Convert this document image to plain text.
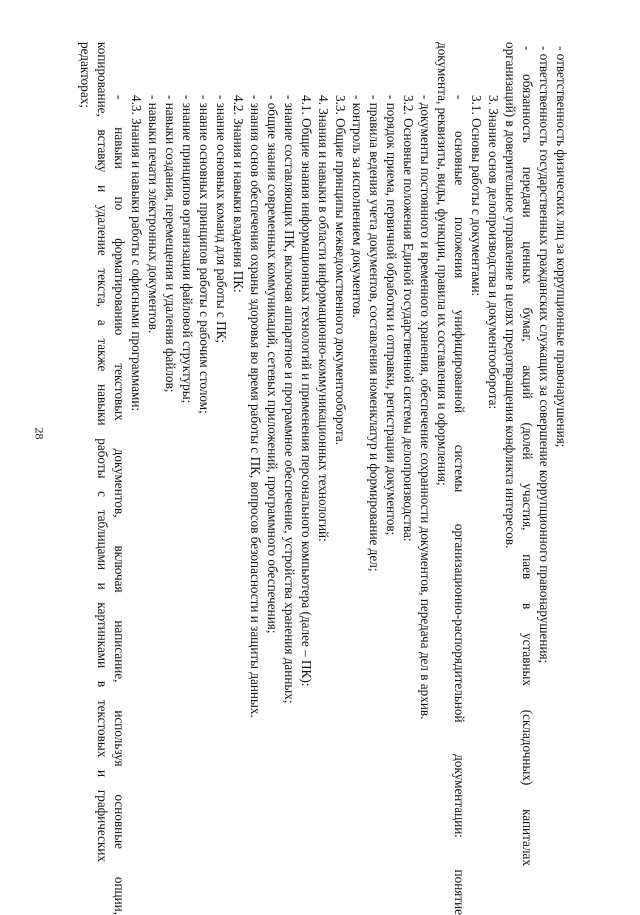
28	- ответственность физических лиц за коррупционные правонарушения;
- ответственность государственных гражданских служащих за совершение коррупционного правонарушения;
- обязанность передачи ценных бумаг, акций (долей участия, паев в уставных (складочных) капиталах
организаций) в доверительное управление в целях предотвращения конфликта интересов.
3. Знание основ делопроизводства и документооборота:
3.1. Основы работы с документами:
- основные положения унифицированной системы организационно-распорядительной документации: понятие
документа, реквизиты, виды, функции, правила их составления и оформления;
- документы постоянного и временного хранения, обеспечение сохранности документов, передача дел в архив.
3.2. Основные положения Единой государственной системы делопроизводства:
- порядок приема, первичной обработки и отправки, регистрации документов;
- правила ведения учета документов, составления номенклатур и формирование дел;
- контроль за исполнением документов.
3.3. Общие принципы межведомственного документооборота.
4. Знания и навыки в области информационно-коммуникационных технологий:
4.1. Общие знания информационных технологий и применения персонального компьютера (далее – ПК):
- знание составляющих ПК, включая аппаратное и программное обеспечение, устройства хранения данных;
- общие знания современных коммуникаций, сетевых приложений, программного обеспечения;
- знания основ обеспечения охраны здоровья во время работы с ПК, вопросов безопасности и защиты данных.
4.2. Знания и навыки владения ПК:
- знание основных команд для работы с ПК;
- знание основных принципов работы с рабочим столом;
- знание принципов организации файловой структуры;
- навыки создания, перемещения и удаления файлов;
- навыки печати электронных документов.
4.3. Знания и навыки работы с офисными программами:
- навыки по форматированию текстовых документов, включая написание, используя основные опции,
копирование, вставку и удаление текста, а также навыки работы с таблицами и картинками в текстовых и графических
редакторах;
